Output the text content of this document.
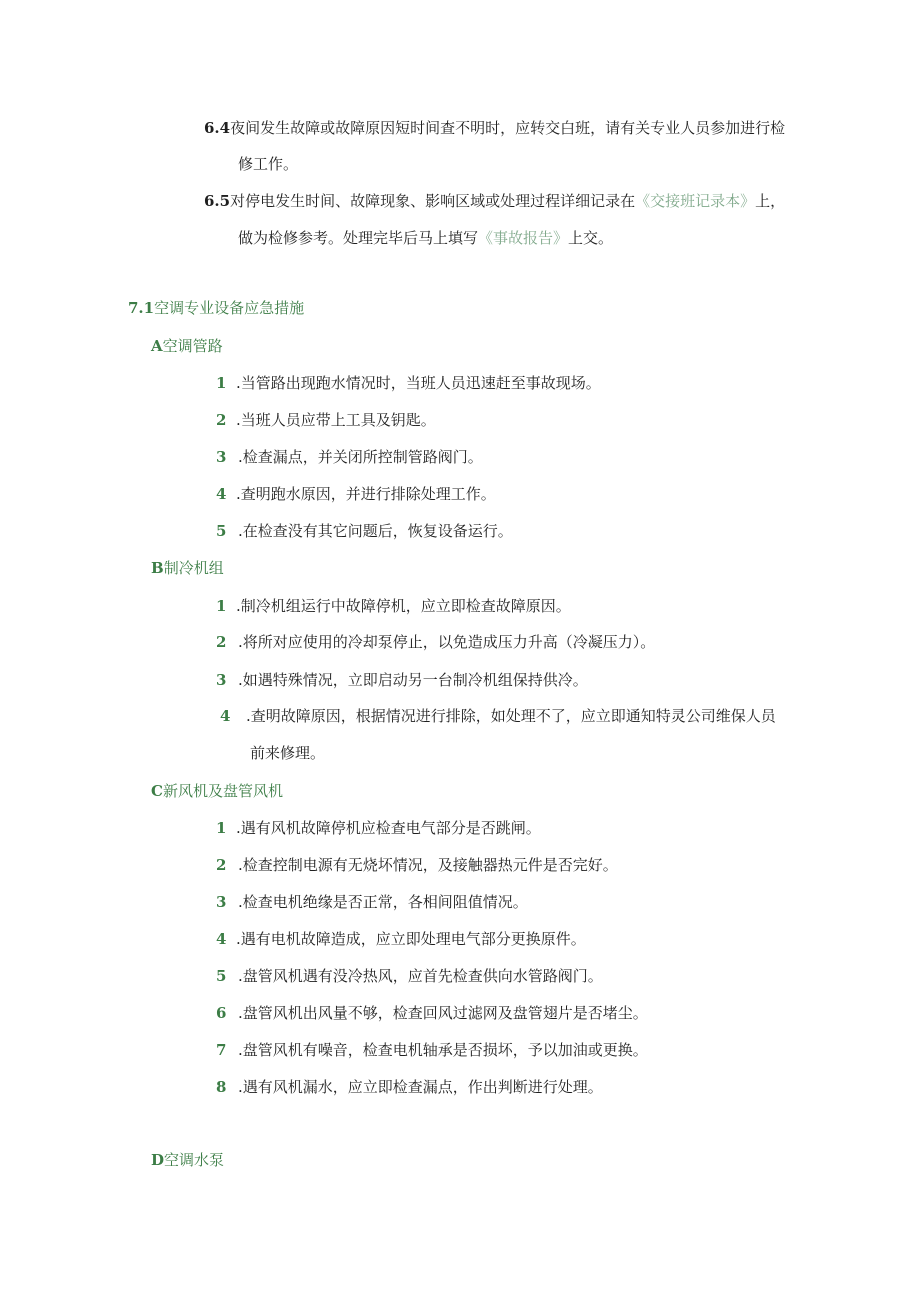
6.4夜间发生故障或故障原因短时间查不明时，应转交白班，请有关专业人员参加进行检
修工作。
6.5对停电发生时间、故障现象、影响区域或处理过程详细记录在《交接班记录本》上，
做为检修参考。处理完毕后马上填写《事故报告》上交。
7.1空调专业设备应急措施
A空调管路
1 .当管路出现跑水情况时，当班人员迅速赶至事故现场。
2 .当班人员应带上工具及钥匙。
3 .检查漏点，并关闭所控制管路阀门。
4 .查明跑水原因，并进行排除处理工作。
5 .在检查没有其它问题后，恢复设备运行。
B制冷机组
1 .制冷机组运行中故障停机，应立即检查故障原因。
2 .将所对应使用的冷却泵停止，以免造成压力升高（冷凝压力）。
3 .如遇特殊情况，立即启动另一台制冷机组保持供冷。
4 .查明故障原因，根据情况进行排除，如处理不了，应立即通知特灵公司维保人员
前来修理。
C新风机及盘管风机
1 .遇有风机故障停机应检查电气部分是否跳闸。
2 .检查控制电源有无烧坏情况，及接触器热元件是否完好。
3 .检查电机绝缘是否正常，各相间阻值情况。
4 .遇有电机故障造成，应立即处理电气部分更换原件。
5 .盘管风机遇有没冷热风，应首先检查供向水管路阀门。
6 .盘管风机出风量不够，检查回风过滤网及盘管翅片是否堵尘。
7 .盘管风机有噪音，检查电机轴承是否损坏，予以加油或更换。
8 .遇有风机漏水，应立即检查漏点，作出判断进行处理。
D空调水泵
